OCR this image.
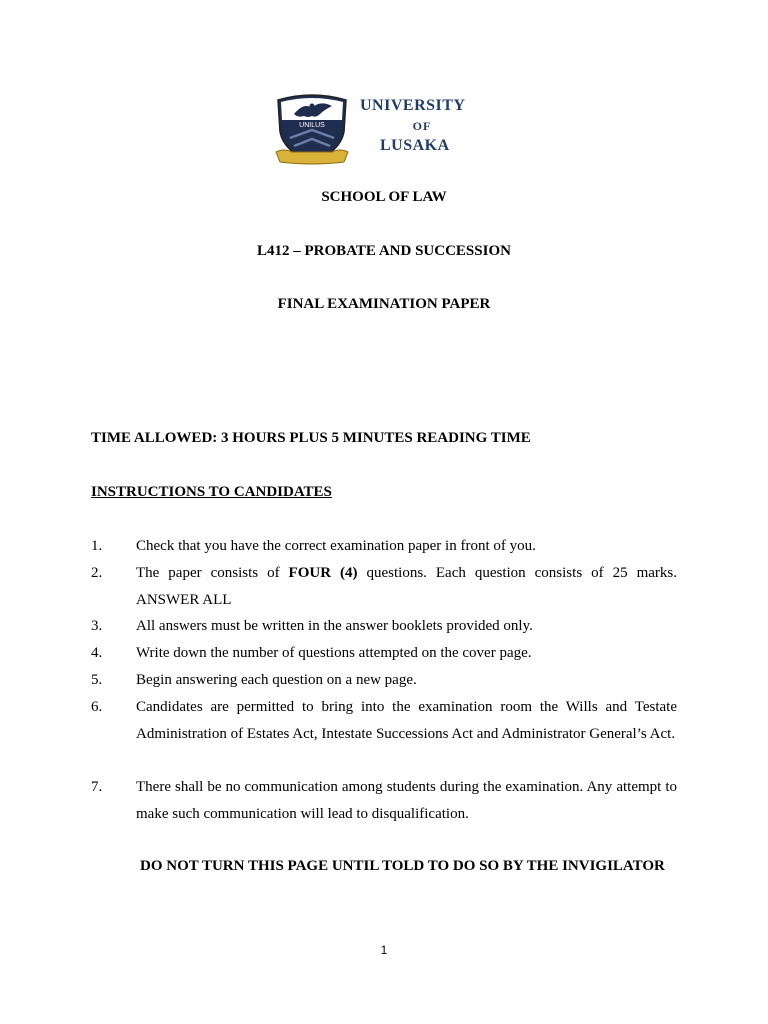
UNILUS
UNIVERSITY
OF
LUSAKA
SCHOOL OF LAW
L412 – PROBATE AND SUCCESSION
FINAL EXAMINATION PAPER
TIME ALLOWED: 3 HOURS PLUS 5 MINUTES READING TIME
INSTRUCTIONS TO CANDIDATES
1. Check that you have the correct examination paper in front of you.
2. The paper consists of FOUR (4) questions. Each question consists of 25 marks. ANSWER ALL
3. All answers must be written in the answer booklets provided only.
4. Write down the number of questions attempted on the cover page.
5. Begin answering each question on a new page.
6. Candidates are permitted to bring into the examination room the Wills and Testate Administration of Estates Act, Intestate Successions Act and Administrator General’s Act.
7. There shall be no communication among students during the examination. Any attempt to make such communication will lead to disqualification.
DO NOT TURN THIS PAGE UNTIL TOLD TO DO SO BY THE INVIGILATOR
1
